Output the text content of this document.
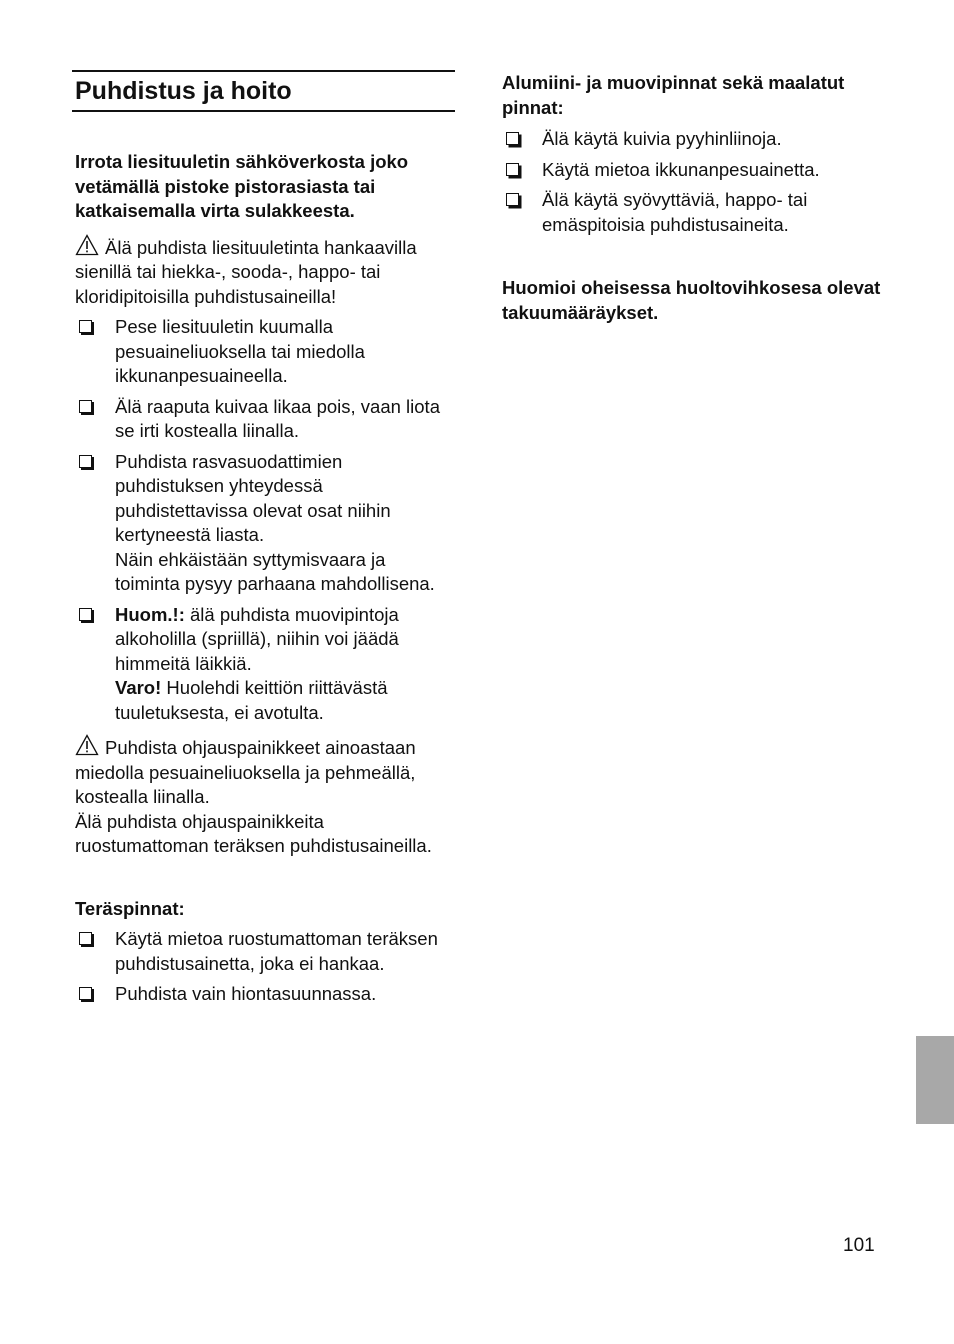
Puhdistus ja hoito

Irrota liesituuletin sähköverkosta joko vetämällä pistoke pistorasiasta tai katkaisemalla virta sulakkeesta.

Älä puhdista liesituuletinta hankaavilla sienillä tai hiekka-, sooda-, happo- tai kloridipitoisilla puhdistusaineilla!

Pese liesituuletin kuumalla pesuaineliuoksella tai miedolla ikkunanpesuaineella.
Älä raaputa kuivaa likaa pois, vaan liota se irti kostealla liinalla.
Puhdista rasvasuodattimien puhdistuksen yhteydessä puhdistettavissa olevat osat niihin kertyneestä liasta.
Näin ehkäistään syttymisvaara ja toiminta pysyy parhaana mahdollisena.
Huom.!: älä puhdista muovipintoja alkoholilla (spriillä), niihin voi jäädä himmeitä läikkiä.
Varo! Huolehdi keittiön riittävästä tuuletuksesta, ei avotulta.

Puhdista ohjauspainikkeet ainoastaan miedolla pesuaineliuoksella ja pehmeällä, kostealla liinalla.

Älä puhdista ohjauspainikkeita ruostumattoman teräksen puhdistusaineilla.

Teräspinnat:

Käytä mietoa ruostumattoman teräksen puhdistusainetta, joka ei hankaa.
Puhdista vain hiontasuunnassa.

Alumiini- ja muovipinnat sekä maalatut pinnat:

Älä käytä kuivia pyyhinliinoja.
Käytä mietoa ikkunanpesuainetta.
Älä käytä syövyttäviä, happo- tai emäspitoisia puhdistusaineita.

Huomioi oheisessa huoltovihkosesa olevat takuumääräykset.

101
